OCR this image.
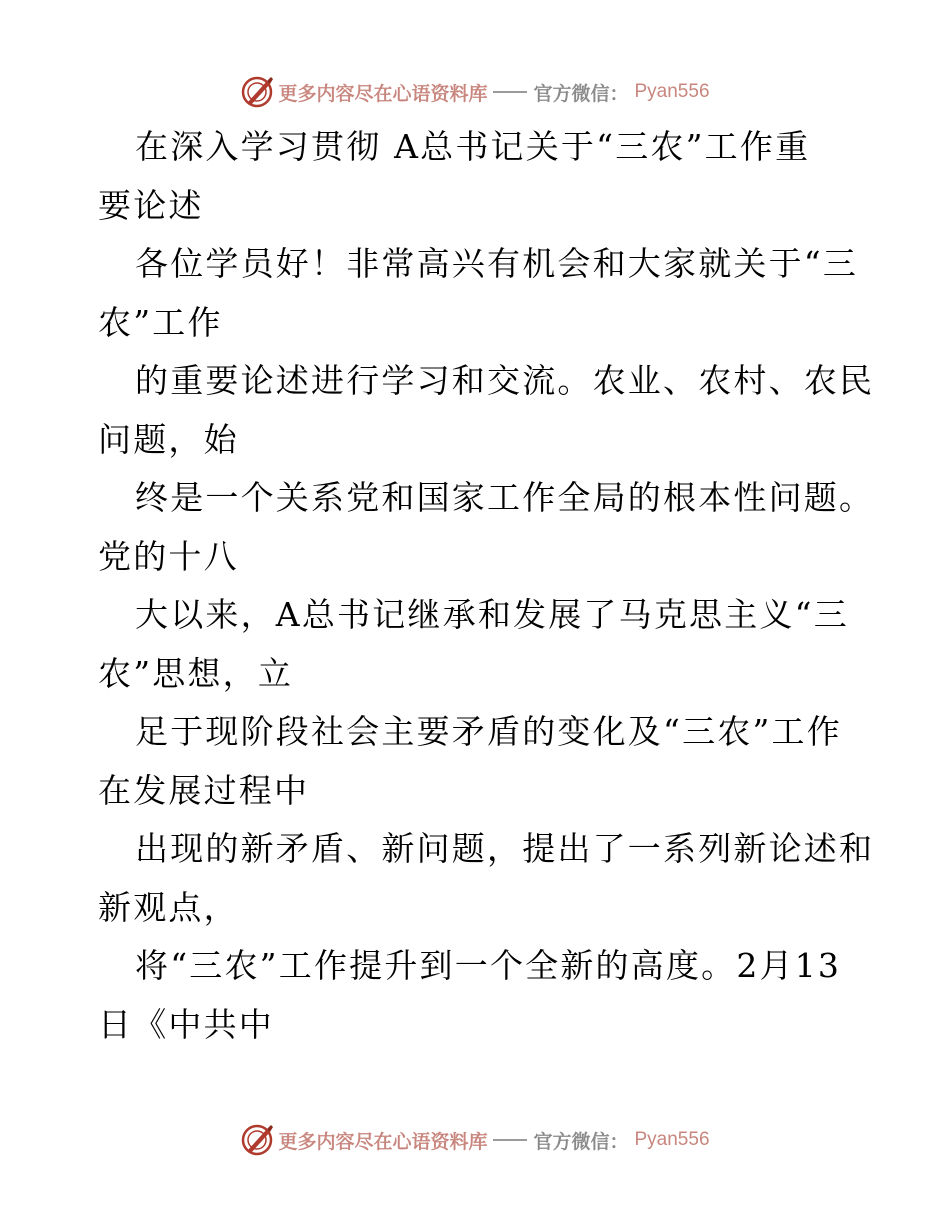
更多内容尽在心语资料库 官方微信： Pyan556
在深入学习贯彻 A总书记关于“三农”工作重
要论述
各位学员好！非常高兴有机会和大家就关于“三
农”工作
的重要论述进行学习和交流。农业、农村、农民
问题，始
终是一个关系党和国家工作全局的根本性问题。
党的十八
大以来，A总书记继承和发展了马克思主义“三
农”思想，立
足于现阶段社会主要矛盾的变化及“三农”工作
在发展过程中
出现的新矛盾、新问题，提出了一系列新论述和
新观点，
将“三农”工作提升到一个全新的高度。2月13
日《中共中
更多内容尽在心语资料库 官方微信： Pyan556
